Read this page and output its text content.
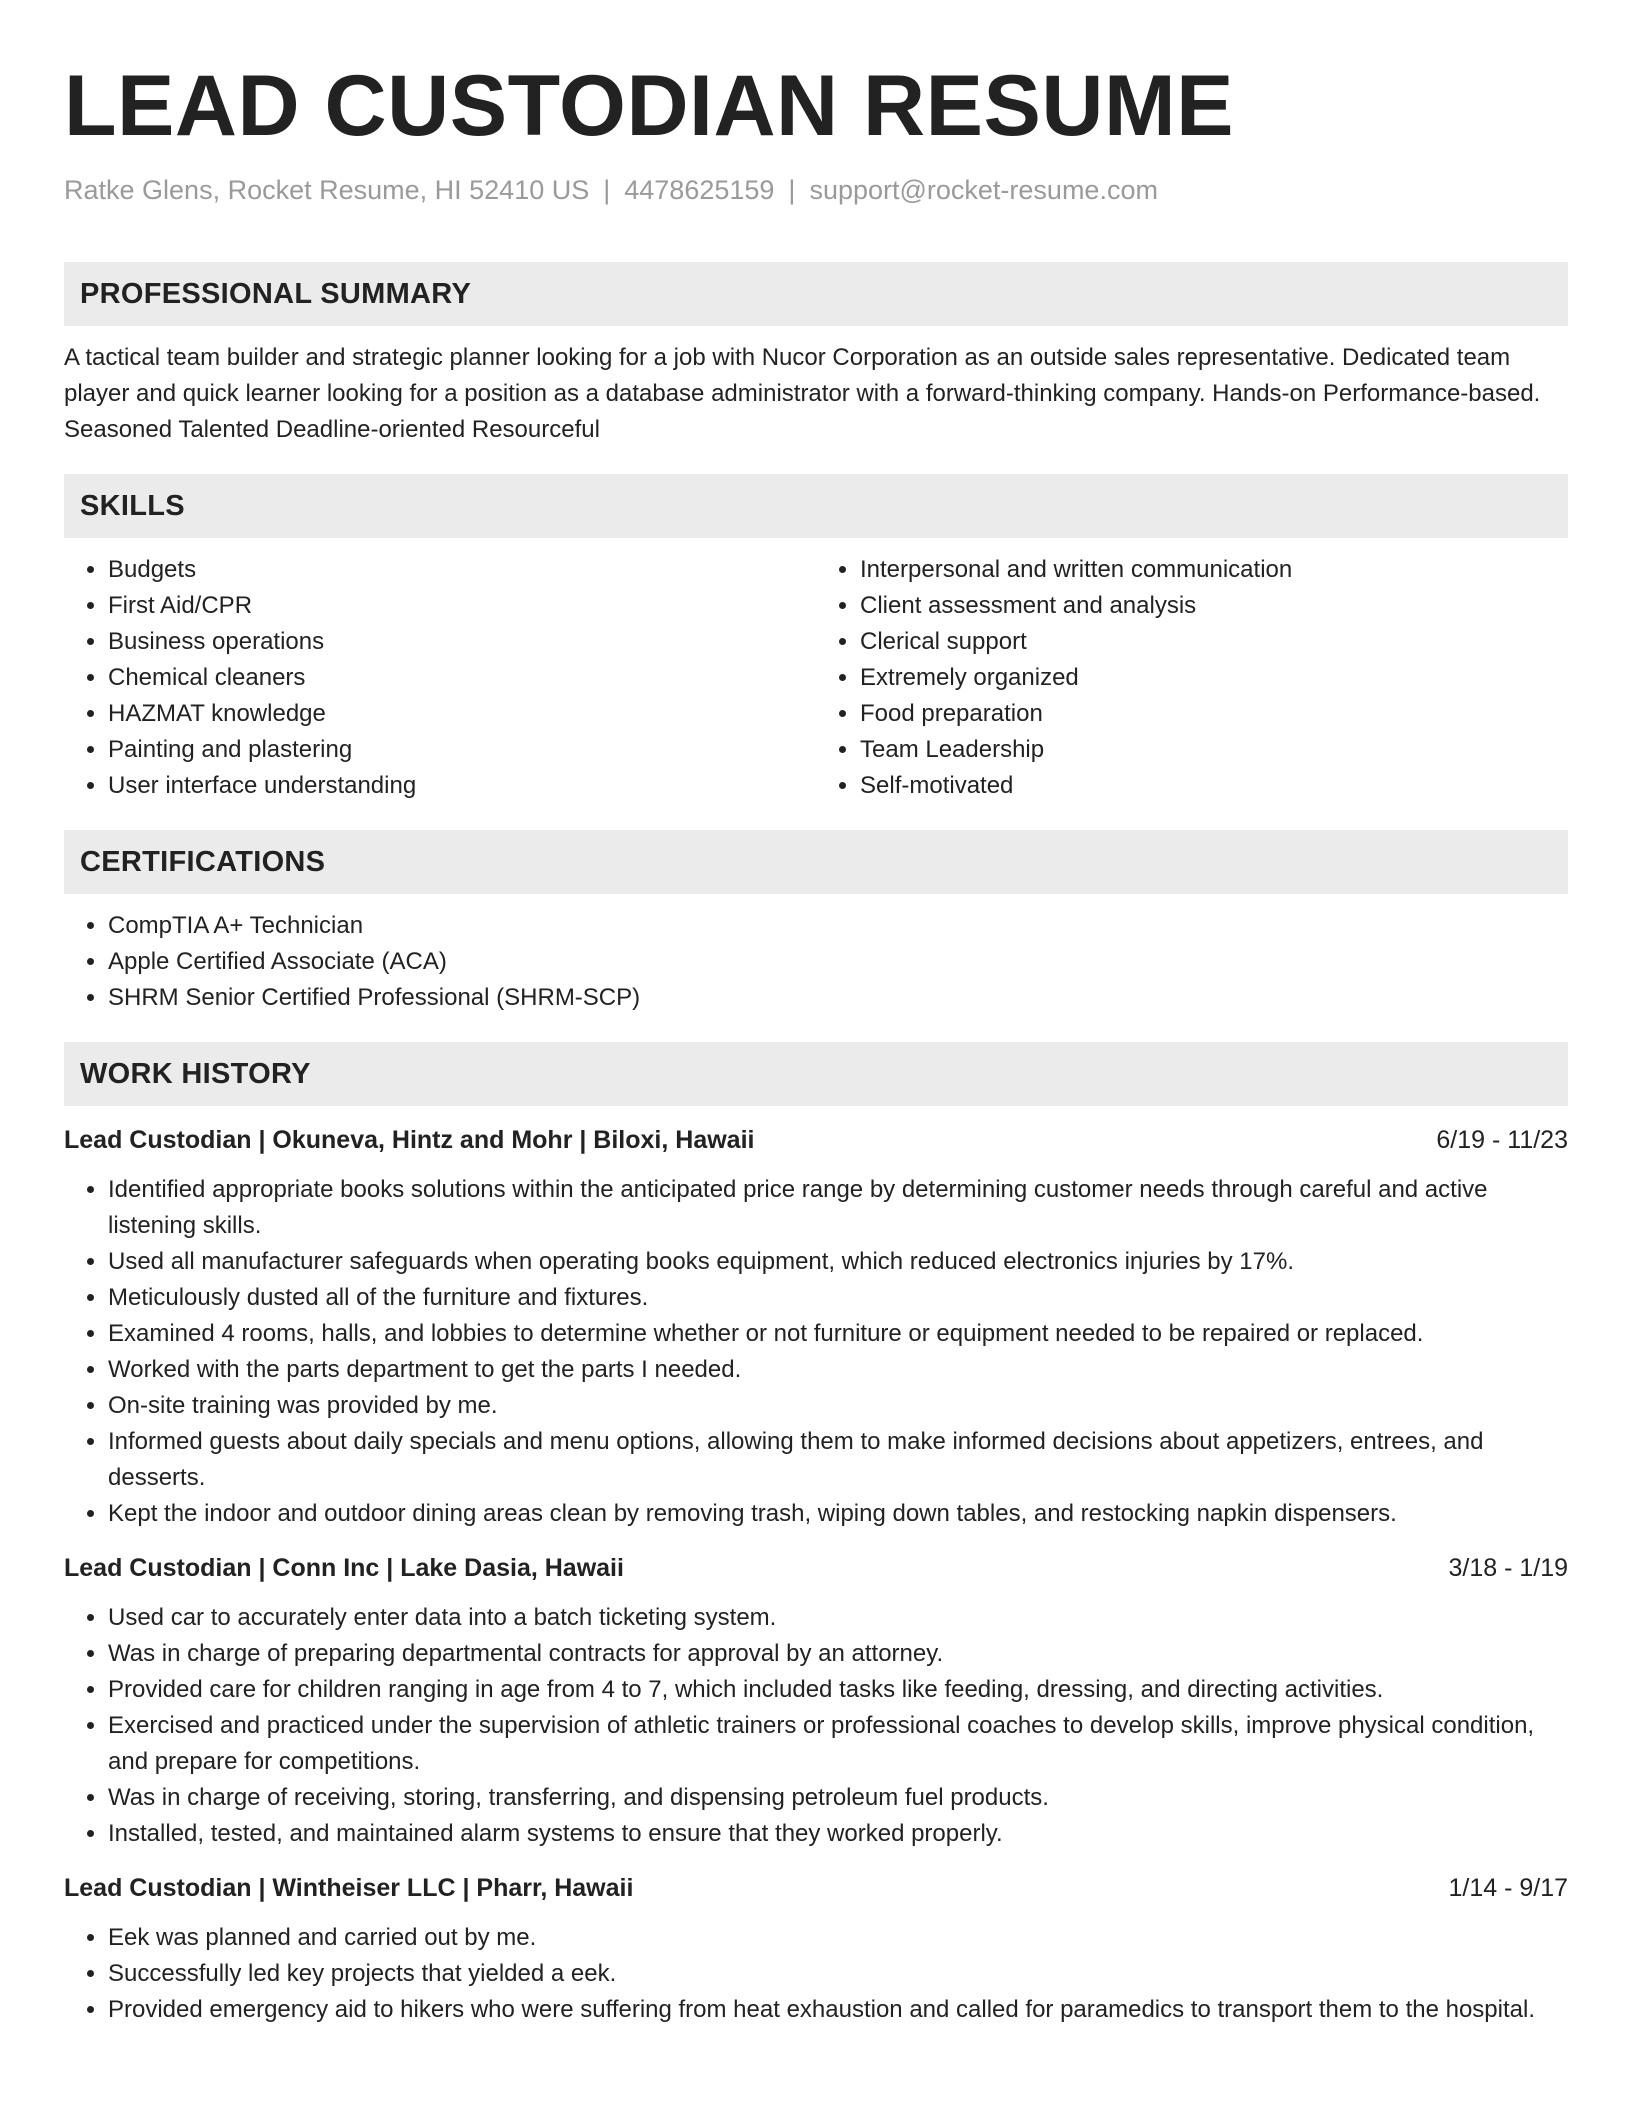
LEAD CUSTODIAN RESUME
Ratke Glens, Rocket Resume, HI 52410 US | 4478625159 | support@rocket-resume.com
PROFESSIONAL SUMMARY

A tactical team builder and strategic planner looking for a job with Nucor Corporation as an outside sales representative. Dedicated team player and quick learner looking for a position as a database administrator with a forward-thinking company. Hands-on Performance-based. Seasoned Talented Deadline-oriented Resourceful

SKILLS
• Budgets
• First Aid/CPR
• Business operations
• Chemical cleaners
• HAZMAT knowledge
• Painting and plastering
• User interface understanding
• Interpersonal and written communication
• Client assessment and analysis
• Clerical support
• Extremely organized
• Food preparation
• Team Leadership
• Self-motivated
CERTIFICATIONS
• CompTIA A+ Technician
• Apple Certified Associate (ACA)
• SHRM Senior Certified Professional (SHRM-SCP)
WORK HISTORY
Lead Custodian | Okuneva, Hintz and Mohr | Biloxi, Hawaii	6/19 - 11/23
• Identified appropriate books solutions within the anticipated price range by determining customer needs through careful and active listening skills.
• Used all manufacturer safeguards when operating books equipment, which reduced electronics injuries by 17%.
• Meticulously dusted all of the furniture and fixtures.
• Examined 4 rooms, halls, and lobbies to determine whether or not furniture or equipment needed to be repaired or replaced.
• Worked with the parts department to get the parts I needed.
• On-site training was provided by me.
• Informed guests about daily specials and menu options, allowing them to make informed decisions about appetizers, entrees, and desserts.
• Kept the indoor and outdoor dining areas clean by removing trash, wiping down tables, and restocking napkin dispensers.
Lead Custodian | Conn Inc | Lake Dasia, Hawaii	3/18 - 1/19
• Used car to accurately enter data into a batch ticketing system.
• Was in charge of preparing departmental contracts for approval by an attorney.
• Provided care for children ranging in age from 4 to 7, which included tasks like feeding, dressing, and directing activities.
• Exercised and practiced under the supervision of athletic trainers or professional coaches to develop skills, improve physical condition, and prepare for competitions.
• Was in charge of receiving, storing, transferring, and dispensing petroleum fuel products.
• Installed, tested, and maintained alarm systems to ensure that they worked properly.
Lead Custodian | Wintheiser LLC | Pharr, Hawaii	1/14 - 9/17
• Eek was planned and carried out by me.
• Successfully led key projects that yielded a eek.
• Provided emergency aid to hikers who were suffering from heat exhaustion and called for paramedics to transport them to the hospital.
